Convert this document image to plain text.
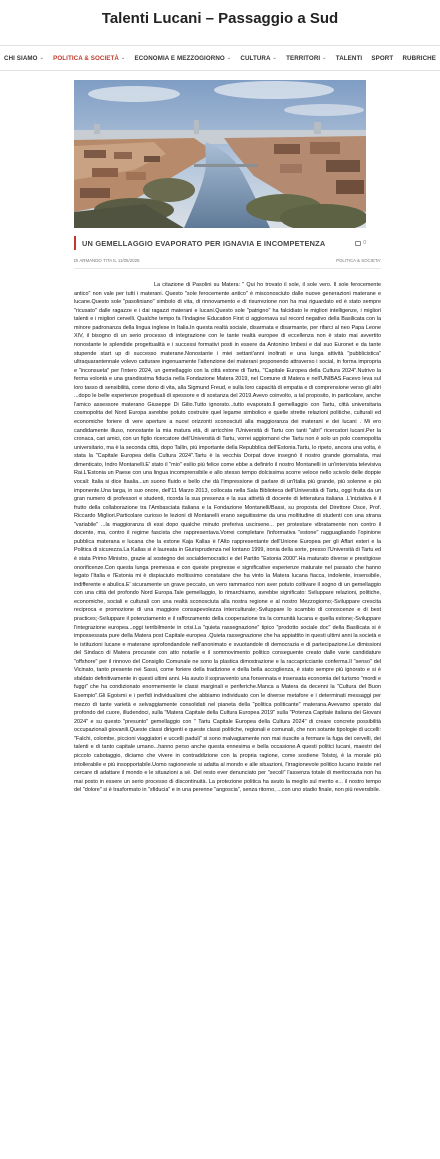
Talenti Lucani – Passaggio a Sud
CHI SIAMO ⌄ POLITICA & SOCIETÀ ⌄ ECONOMIA E MEZZOGIORNO ⌄ CULTURA ⌄ TERRITORI ⌄ TALENTI SPORT RUBRICHE
UN GEMELLAGGIO EVAPORATO PER IGNAVIA E INCOMPETENZA	0
DI ARMANDO TITA IL 11/05/2025	POLITICA & SOCIETA'

La citazione di Pasolini su Matera: " Qui ho trovato il sole, il sole vero. Il sole ferocemente antico" non vale per tutti i materani. Questo "sole ferocemente antico" è misconosciuto dalle nuove generazioni materane e lucane.Questo sole "pasoliniano" simbolo di vita, di rinnovamento e di risurrezione non ha mai riguardato ed è stato sempre "ricusato" dalle ragazze e i dai ragazzi materani e lucani.Questo sole "patrigno" ha falcidiato le migliori intelligenze, i migliori talenti e i migliori cervelli. Qualche tempo fa l'Indagine Education First ci aggiornava sul record negativo della Basilicata con la minore padronanza della lingua inglese in Italia.In questa realtà sociale, disarmata e disarmante, per rifarci al neo Papa Leone XIV, il bisogno di un serio processo di integrazione con le tante realtà europee di eccellenza non è stato mai avvertito nonostante le splendide progettualità e i successi formativi posti in essere da Antonino Imbesi e dal suo Euronet e da tante stupende start up di successo materane.Nonostante i miei settant'anni inoltrati e una lunga attività "pubblicistica" ultraquarantennale volevo catturare ingenuamente l'attenzione dei materani proponendo attraverso i social, in forma impropria e "inconsueta" per l'intero 2024, un gemellaggio con la città estone di Tartu, "Capitale Europea della Cultura 2024".Nutrivo la ferma volontà e una grandissima fiducia nella Fondazione Matera 2019, nel Comune di Matera e nell'UNIBAS.Facevo leva sul loro tasso di sensibilità, come dono di vita, alla Sigmund Freud, e sulla loro capacità di empatia e di comprensione verso gli altri ...dopo le belle esperienze progettuali di spessore e di sostanza del 2019.Avevo coinvolto, a tal proposito, in particolare, anche l'amico assessore materano Giuseppe Di Gilio.Tutto ignorato...tutto evaporato.Il gemellaggio con Tartu, città universitaria cosmopolita del Nord Europa avrebbe potuto costruire quel legame simbolico e quelle strette relazioni politiche, culturali ed economiche foriere di vere aperture a nuovi orizzonti sconosciuti alla maggioranza dei materani e dei lucani . Mi ero candidamente illuso, nonostante la mia matura età, di arricchire l'Università di Tartu con tanti "altri" ricercatori lucani.Per la cronaca, cari amici, con un figlio ricercatore dell'Università di Tartu, vorrei aggiornarvi che Tartu non è solo un polo cosmopolita universitario, ma è la seconda città, dopo Tallin, più importante della Repubblica dell'Estonia.Tartu, lo ripeto, ancora una volta, è stata la "Capitale Europea della Cultura 2024".Tartu è la vecchia Dorpat dove insegnò il nostro grande giornalista, mai dimenticato, Indro Montanelli.E' stato il "mio" esilio più felice come ebbe a definirlo il nostro Montanelli in un'intervista televisiva Rai.L'Estonia un Paese con una lingua incomprensibile e allo stesso tempo dolcissima scorre veloce nello scivolo delle doppie vocali: Italia si dice Itaalia...un suono fluido e bello che dà l'impressione di parlare di un'Italia più grande, più solenne e più imponente.Una targa, in suo onore, dell'11 Marzo 2013, collocata nella Sala Biblioteca dell'Università di Tartu, oggi fruita da un gran numero di professori e studenti, ricorda la sua presenza e la sua attività di docente di letteratura italiana .L'iniziativa è il frutto della collaborazione tra l'Ambasciata italiana e la Fondazione Montanelli/Bassi, su proposta del Direttore Osce, Prof. Riccardo Migliori.Particolare curioso le lezioni di Montanelli erano seguitissime da una moltitudine di studenti con una strana "variabile" ...la maggioranza di essi dopo qualche minuto preferiva uscirsene... per protestare vibratamente non contro il docente, ma, contro il regime fascista che rappresentava.Vorrei completare l'informativa "estone" ragguagliando l'opinione pubblica materana e lucana che la estone Kaja Kallas è l'Alto rappresentante dell'Unione Europea per gli Affari esteri e la Politica di sicurezza.La Kallas si è laureata in Giurisprudenza nel lontano 1999, ironia della sorte, presso l'Università di Tartu ed è stata Primo Ministro, grazie al sostegno dei socialdemocratici e del Partito "Estonia 2000".Ha maturato diverse e prestigiose onorificenze.Con questa lunga premessa e con queste pregresse e significative esperienze maturate nel passato che hanno legato l'Italia e l'Estonia mi è dispiaciuto moltissimo constatare che ha vinto la Matera lucana fiacca, indolente, insensibile, indifferente e abulica.E' sicuramente un grave peccato, un vero rammarico non aver potuto coltivare il sogno di un gemellaggio con una città del profondo Nord Europa.Tale gemellaggio, lo rimarchiamo, avrebbe significato: Sviluppare relazioni, politiche, economiche, sociali e culturali con una realtà sconosciuta alla nostra regione e al nostro Mezzogiorno;-Sviluppare crescita reciproca e promozione di una maggiore consapevolezza interculturale;-Sviluppare lo scambio di conoscenze e di best practices;-Sviluppare il potenziamento e il rafforzamento della cooperazione tra la comunità lucana e quella estone;-Sviluppare l'integrazione europea...oggi terribilmente in crisi.La "quieta rassegnazione" tipico "prodotto sociale doc" della Basilicata si è impossessata pure della Matera post Capitale europea .Quieta rassegnazione che ha appiattito in questi ultimi anni la società e le istituzioni lucane e materane sprofondandole nell'anonimato e svuotandole di democrazia e di partecipazione.Le dimissioni del Sindaco di Matera procurate con atto notarile e il sommovimento politico conseguente creato dalle varie candidature "offshore" per il rinnovo del Consiglio Comunale ne sono la plastica dimostrazione e la raccapricciante conferma.Il "senso" del Vicinato, tanto presente nei Sassi, come foriere della tradizione e della bella accoglienza, è stato sempre più ignorato e si è sfaldato definitivamente in questi ultimi anni. Ha avuto il sopravvento una forsennata e insensata economia del turismo "mordi e fuggi" che ha condizionato enormemente le classi marginali e periferiche.Manca a Matera da decenni la "Cultura del Buon Esempio".Gli Egoismi e i perfidi individualismi che abbiamo individuato con le diverse metafore e i determinati messaggi per mezzo di tante varietà e selvaggiamente consolidati nel pianeta della "politica politicante" materana.Avevamo sperato dal profondo del cuore, illudendoci, sulla "Matera Capitale della Cultura Europea 2019" sulla "Potenza Capitale italiana dei Giovani 2024" e su questo "presunto" gemellaggio con " Tartu Capitale Europea della Cultura 2024" di creare concrete possibilità occupazionali giovanili.Queste classi dirigenti e queste classi politiche, regionali e comunali, che non sotante tipologie di uccelli: "Falchi, colombe, piccioni viaggiatori e uccelli paduli" si sono malvagiamente non mai riuscite a fermare la fuga dei cervelli, dei talenti e di tanto capitale umano...hanno perso anche questa ennesima e bella occasione.A questi politici lucani, maestri del piccolo cabotaggio, diciamo che vivere in contraddizione con la propria ragione, come sostiene Tolstoj, è la morale più intollerabile e più insopportabile.Uomo ragionevole si adatta al mondo e alle situazioni, l'irragionevole politico lucano insiste nel cercare di adattare il mondo e le situazioni a sé. Del resto ever denunciato per "secoli" l'assenza totale di meritocrazia non ha mai posto in essere un serio processo di discontinuità. La protezione politica ha avuto la meglio sul merito e... il nostro tempo del "dolore" si è trasformato in "sfiducia" e in una perenne "angoscia", senza ritorno, ...con uno stadio finale, non più reversibile.
